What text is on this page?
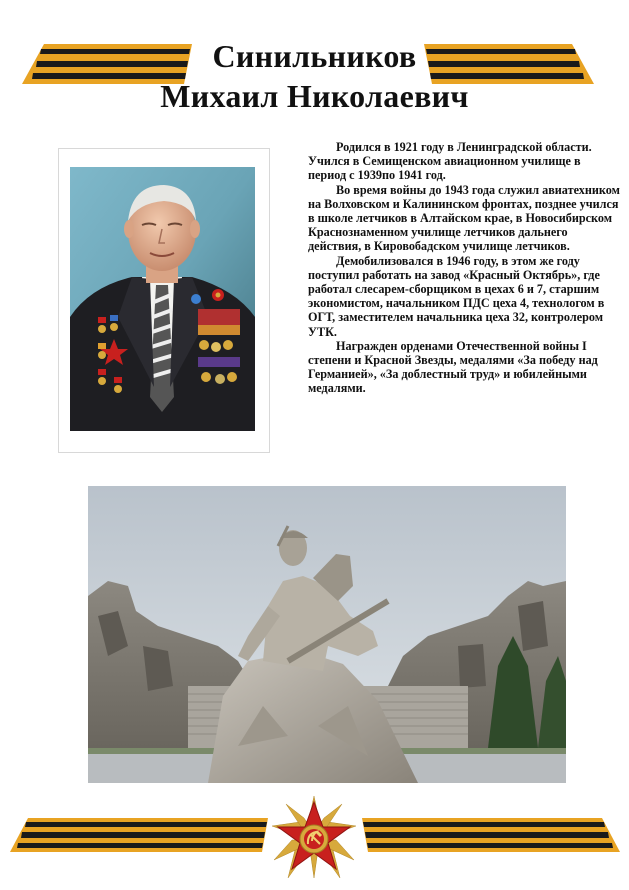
Синильников
Михаил Николаевич

Родился в 1921 году в Ленинградской области. Учился в Семищенском авиационном училище в период с 1939по 1941 год.

Во время войны до 1943 года служил авиатехником на Волховском и Калининском фронтах, позднее учился в школе летчиков в Алтайском крае, в Новосибирском Краснознаменном училище летчиков дальнего действия, в Кировобадском училище летчиков.

Демобилизовался в 1946 году, в этом же году поступил работать на завод «Красный Октябрь», где работал слесарем-сборщиком в цехах 6 и 7, старшим экономистом, начальником ПДС цеха 4, технологом в ОГТ, заместителем начальника цеха 32, контролером УТК.

Награжден орденами Отечественной войны I степени и Красной Звезды, медалями «За победу над Германией», «За доблестный труд» и юбилейными медалями.
